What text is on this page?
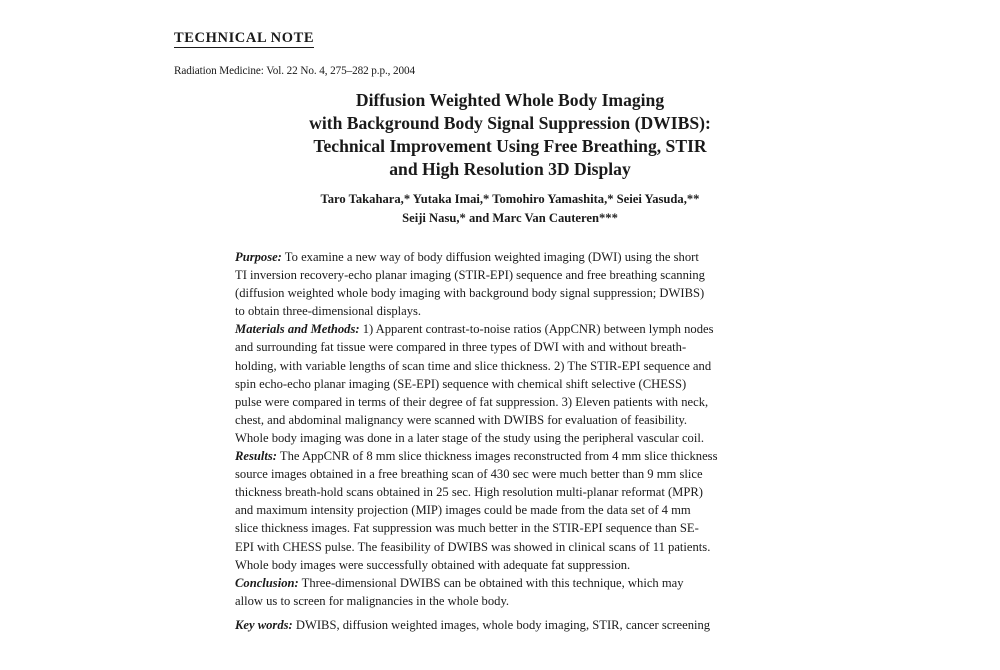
TECHNICAL NOTE
Radiation Medicine: Vol. 22 No. 4, 275–282 p.p., 2004
Diffusion Weighted Whole Body Imaging
with Background Body Signal Suppression (DWIBS):
Technical Improvement Using Free Breathing, STIR
and High Resolution 3D Display
Taro Takahara,* Yutaka Imai,* Tomohiro Yamashita,* Seiei Yasuda,**
Seiji Nasu,* and Marc Van Cauteren***
Purpose: To examine a new way of body diffusion weighted imaging (DWI) using the short
TI inversion recovery-echo planar imaging (STIR-EPI) sequence and free breathing scanning
(diffusion weighted whole body imaging with background body signal suppression; DWIBS)
to obtain three-dimensional displays.
Materials and Methods: 1) Apparent contrast-to-noise ratios (AppCNR) between lymph nodes
and surrounding fat tissue were compared in three types of DWI with and without breath-
holding, with variable lengths of scan time and slice thickness. 2) The STIR-EPI sequence and
spin echo-echo planar imaging (SE-EPI) sequence with chemical shift selective (CHESS)
pulse were compared in terms of their degree of fat suppression. 3) Eleven patients with neck,
chest, and abdominal malignancy were scanned with DWIBS for evaluation of feasibility.
Whole body imaging was done in a later stage of the study using the peripheral vascular coil.
Results: The AppCNR of 8 mm slice thickness images reconstructed from 4 mm slice thickness
source images obtained in a free breathing scan of 430 sec were much better than 9 mm slice
thickness breath-hold scans obtained in 25 sec. High resolution multi-planar reformat (MPR)
and maximum intensity projection (MIP) images could be made from the data set of 4 mm
slice thickness images. Fat suppression was much better in the STIR-EPI sequence than SE-
EPI with CHESS pulse. The feasibility of DWIBS was showed in clinical scans of 11 patients.
Whole body images were successfully obtained with adequate fat suppression.
Conclusion: Three-dimensional DWIBS can be obtained with this technique, which may
allow us to screen for malignancies in the whole body.
Key words: DWIBS, diffusion weighted images, whole body imaging, STIR, cancer screening
